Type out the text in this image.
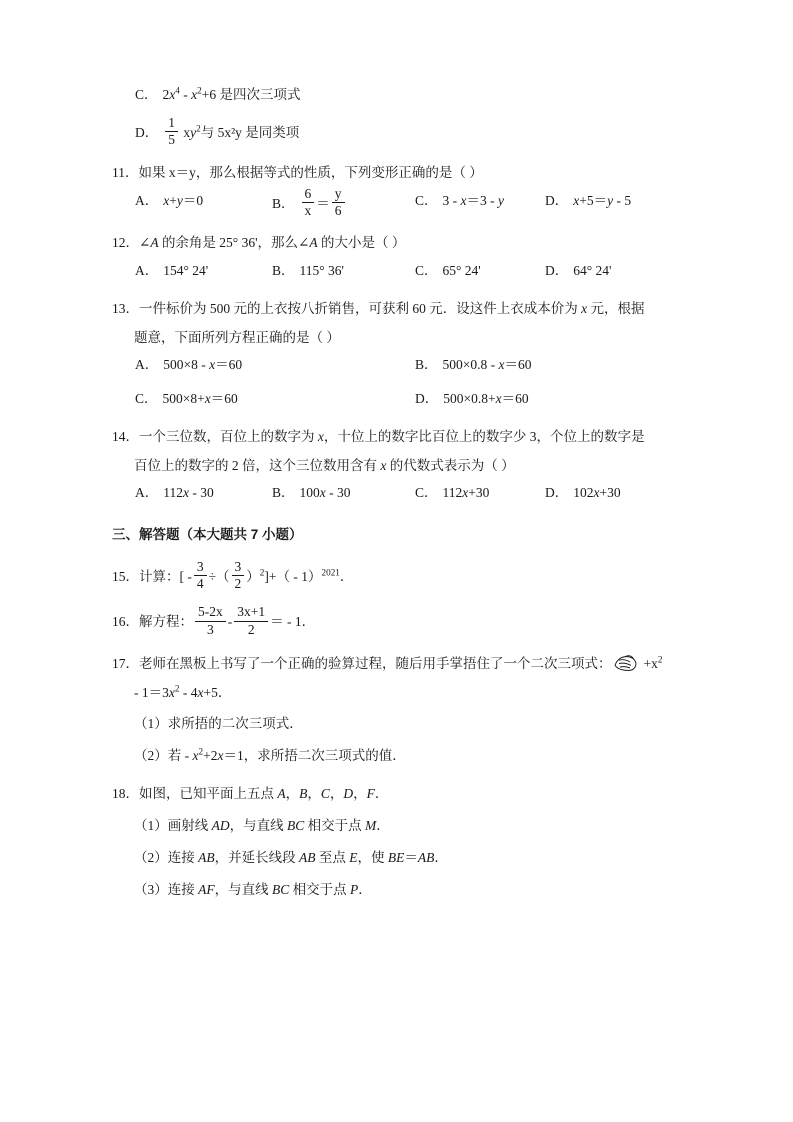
C． $2x^4 - x^2+6$ 是四次三项式
D． $\frac{1}{5} xy^2$与 5x²y 是同类项
11．如果 x＝y，那么根据等式的性质，下列变形正确的是（ ）
A． x+y＝0	B． $\frac{6}{x} = \frac{y}{6}$	C． 3 - x＝3 - y	D． x+5＝y - 5
12．∠A 的余角是 25° 36'，那么∠A 的大小是（ ）
A． 154° 24'	B． 115° 36'	C． 65° 24'	D． 64° 24'
13．一件标价为 500 元的上衣按八折销售，可获利 60 元．设这件上衣成本价为 x 元，根据
题意，下面所列方程正确的是（ ）
A． 500×8 - x＝60	B． 500×0.8 - x＝60
C． 500×8+x＝60	D． 500×0.8+x＝60
14．一个三位数，百位上的数字为 x，十位上的数字比百位上的数字少 3，个位上的数字是
百位上的数字的 2 倍，这个三位数用含有 x 的代数式表示为（ ）
A． 112x - 30	B． 100x - 30	C． 112x+30	D． 102x+30
三、解答题（本大题共 7 小题）
15．计算：[ - $\frac{3}{4}$ ÷（ $\frac{3}{2} )^2]+( - 1)^{2021}$．
16．解方程： $\frac{5-2x}{3} - \frac{3x+1}{2}$ ＝ - 1．
17．老师在黑板上书写了一个正确的验算过程，随后用手掌捂住了一个二次三项式： $+x^2$
- $1=3x^2 - 4x+5$．
（1）求所捂的二次三项式．
（2）若 - $x^2+2x=1$，求所捂二次三项式的值．
18．如图，已知平面上五点 A，B，C，D，F．
（1）画射线 AD，与直线 BC 相交于点 M．
（2）连接 AB，并延长线段 AB 至点 E，使 BE＝AB．
（3）连接 AF，与直线 BC 相交于点 P．
